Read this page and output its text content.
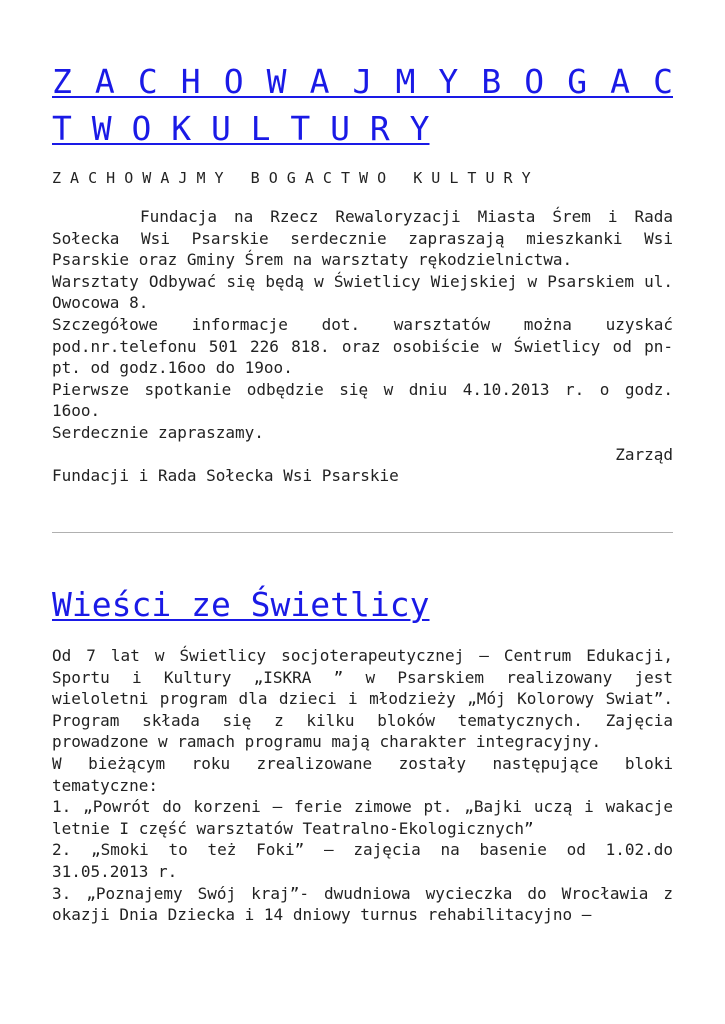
Z A C H O W A J M Y B O G A C
T W O K U L T U R Y
Z A C H O W A J M Y   B O G A C T W O   K U L T U R Y

Fundacja na Rzecz Rewaloryzacji Miasta Śrem i Rada Sołecka Wsi Psarskie serdecznie zapraszają mieszkanki Wsi Psarskie oraz Gminy Śrem na warsztaty rękodzielnictwa.

Warsztaty Odbywać się będą w Świetlicy Wiejskiej w Psarskiem ul. Owocowa 8.

Szczegółowe informacje dot. warsztatów można uzyskać pod.nr.telefonu 501 226 818. oraz osobiście w Świetlicy od pn-pt. od godz.16oo do 19oo.

Pierwsze spotkanie odbędzie się w dniu 4.10.2013 r. o godz. 16oo.

Serdecznie zapraszamy.

Zarząd

Fundacji i Rada Sołecka Wsi Psarskie

Wieści ze Świetlicy

Od 7 lat w Świetlicy socjoterapeutycznej – Centrum Edukacji, Sportu i Kultury „ISKRA ” w Psarskiem realizowany jest wieloletni program dla dzieci i młodzieży „Mój Kolorowy Swiat”. Program składa się z kilku bloków tematycznych. Zajęcia prowadzone w ramach programu mają charakter integracyjny.

W bieżącym roku zrealizowane zostały następujące bloki tematyczne:

1. „Powrót do korzeni – ferie zimowe pt. „Bajki uczą i wakacje letnie I część warsztatów Teatralno-Ekologicznych”

2. „Smoki to też Foki” – zajęcia na basenie od 1.02.do 31.05.2013 r.

3. „Poznajemy Swój kraj”- dwudniowa wycieczka do Wrocławia z okazji Dnia Dziecka i 14 dniowy turnus rehabilitacyjno –
